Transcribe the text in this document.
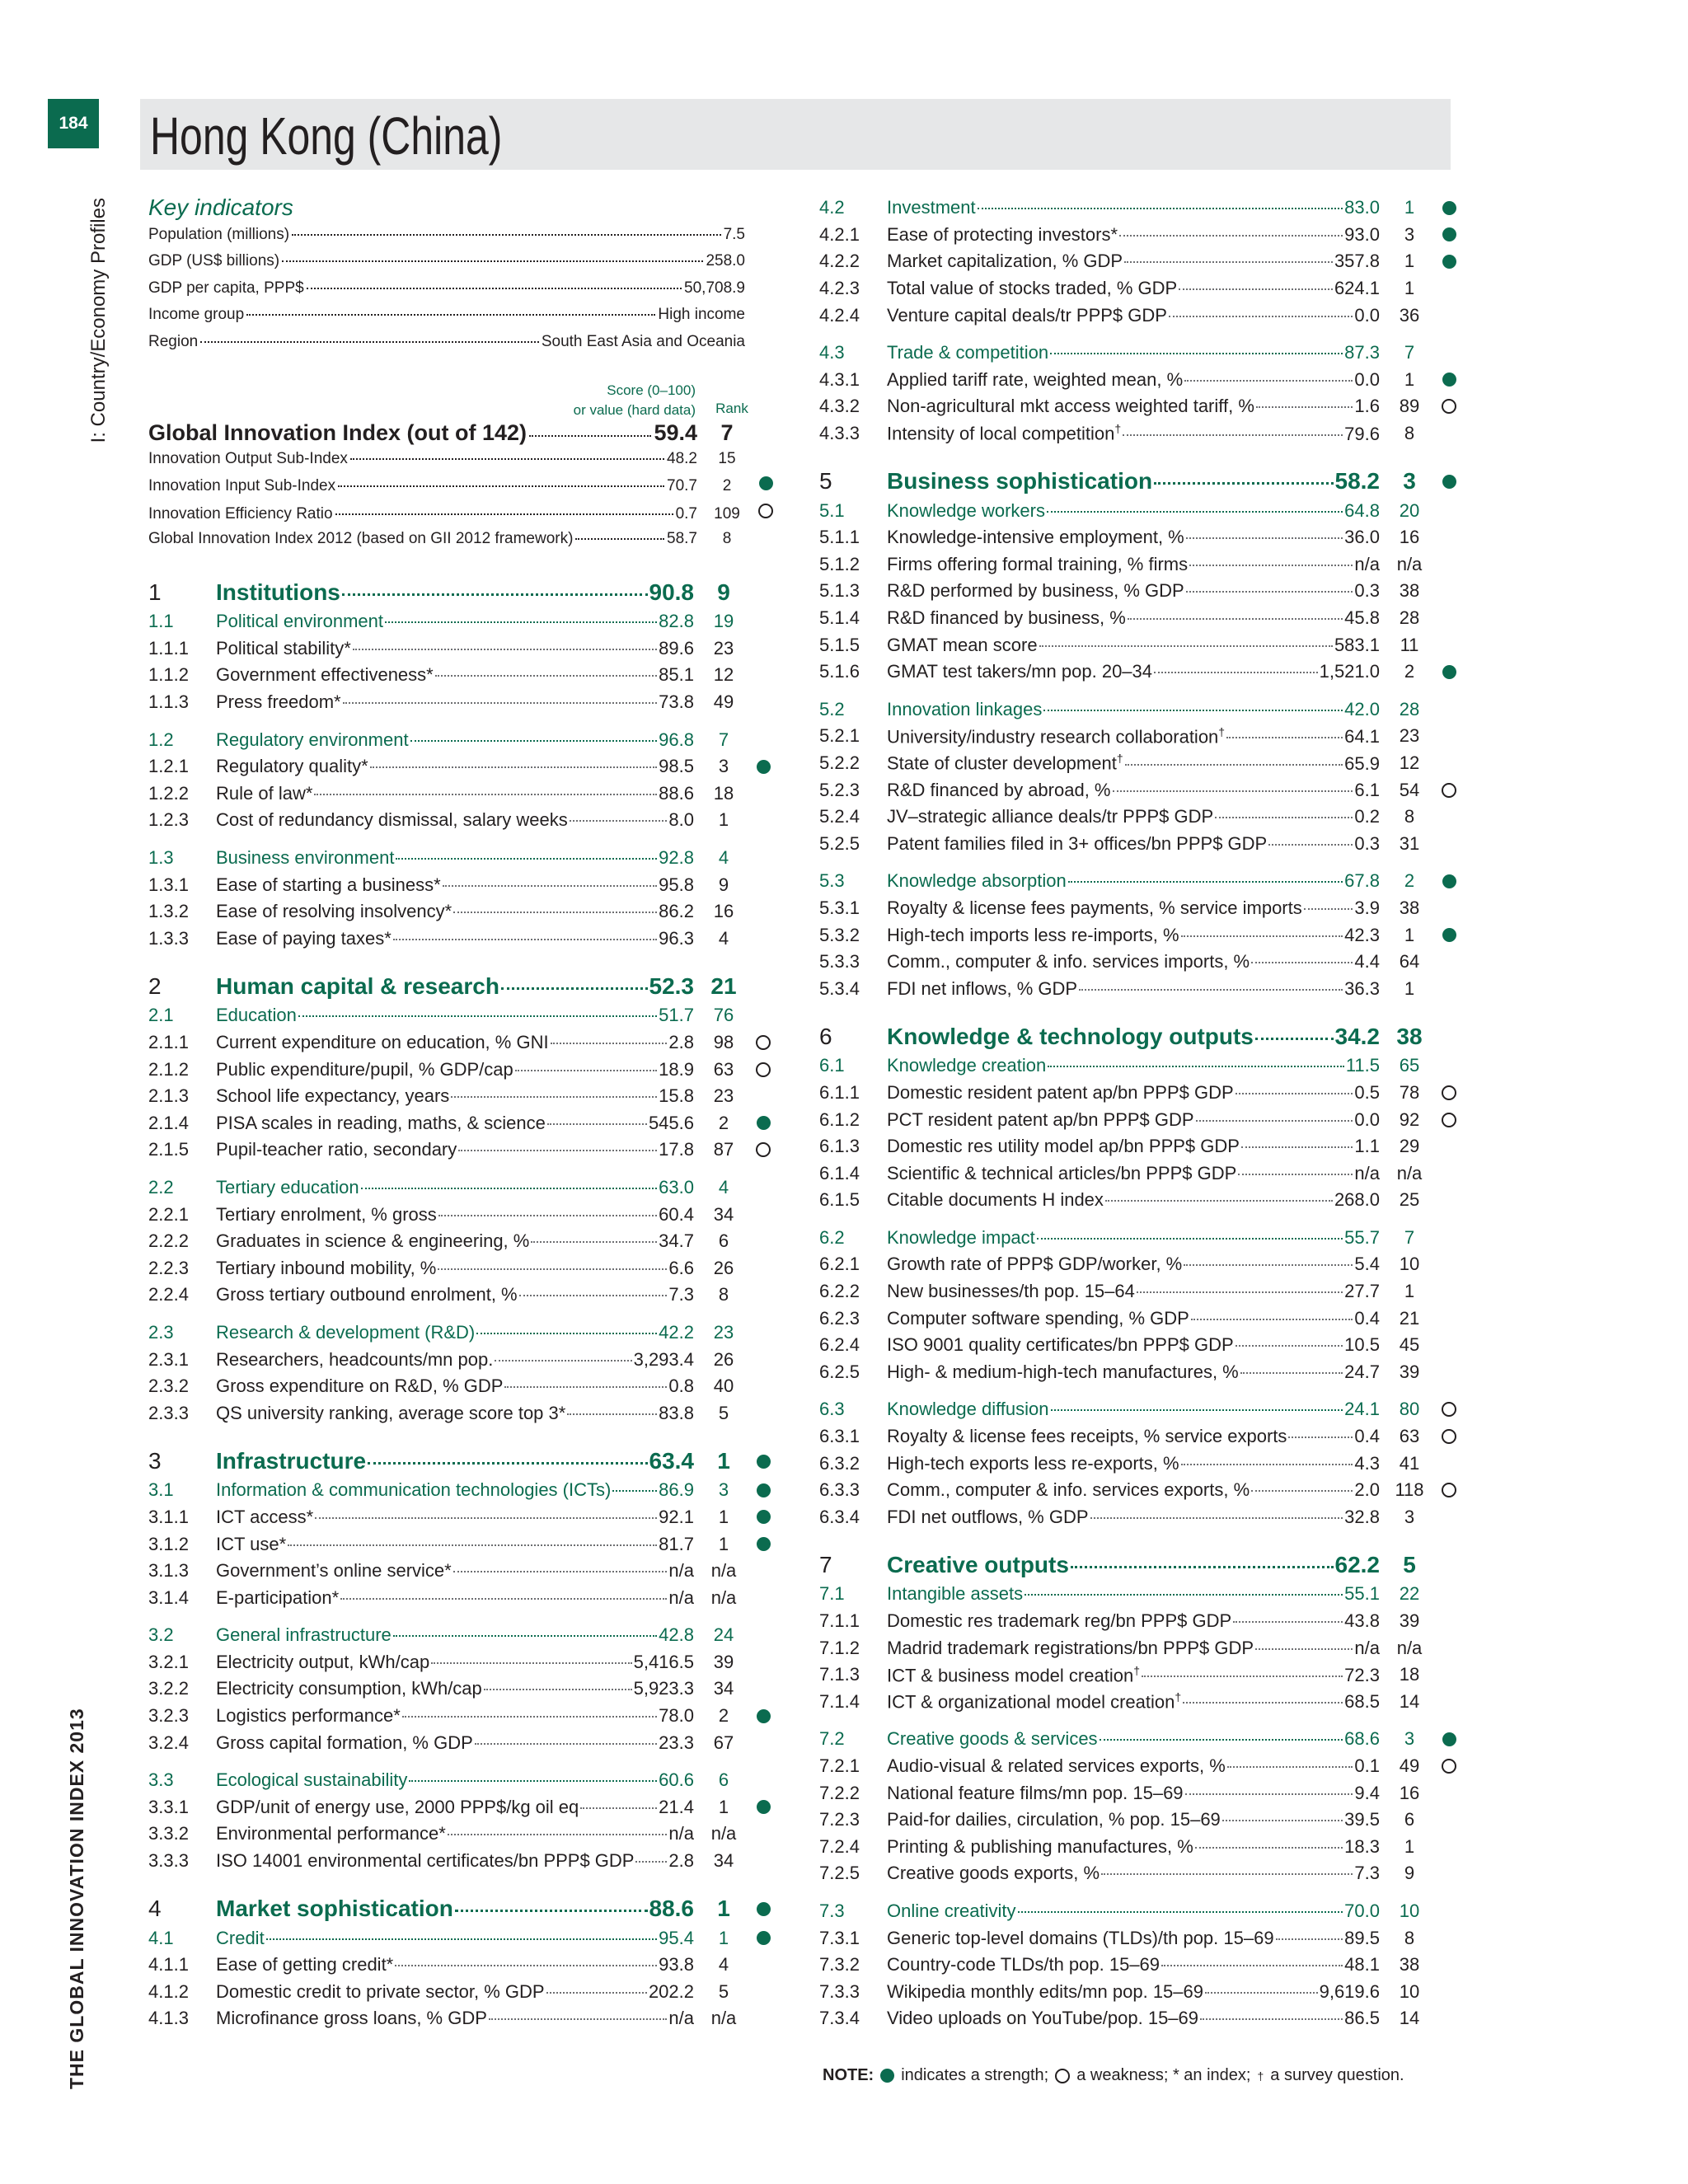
184 Hong Kong (China)
I: Country/Economy Profiles
THE GLOBAL INNOVATION INDEX 2013
Key indicators
Population (millions)	7.5
GDP (US$ billions)	258.0
GDP per capita, PPP$	50,708.9
Income group	High income
Region	South East Asia and Oceania
Score (0–100)
or value (hard data)	Rank
Global Innovation Index (out of 142)	59.4	7
Innovation Output Sub-Index	48.2	15
Innovation Input Sub-Index	70.7	2
Innovation Efficiency Ratio	0.7	109
Global Innovation Index 2012 (based on GII 2012 framework)	58.7	8
1	Institutions	90.8	9
1.1	Political environment	82.8	19
1.1.1	Political stability*	89.6	23
1.1.2	Government effectiveness*	85.1	12
1.1.3	Press freedom*	73.8	49
1.2	Regulatory environment	96.8	7
1.2.1	Regulatory quality*	98.5	3
1.2.2	Rule of law*	88.6	18
1.2.3	Cost of redundancy dismissal, salary weeks	8.0	1
1.3	Business environment	92.8	4
1.3.1	Ease of starting a business*	95.8	9
1.3.2	Ease of resolving insolvency*	86.2	16
1.3.3	Ease of paying taxes*	96.3	4
2	Human capital & research	52.3 21
2.1	Education	51.7	76
2.1.1	Current expenditure on education, % GNI	2.8	98
2.1.2	Public expenditure/pupil, % GDP/cap	18.9	63
2.1.3	School life expectancy, years	15.8	23
2.1.4	PISA scales in reading, maths, & science	545.6	2
2.1.5	Pupil-teacher ratio, secondary	17.8	87
2.2	Tertiary education	63.0	4
2.2.1	Tertiary enrolment, % gross	60.4	34
2.2.2	Graduates in science & engineering, %	34.7	6
2.2.3	Tertiary inbound mobility, %	6.6	26
2.2.4	Gross tertiary outbound enrolment, %	7.3	8
2.3	Research & development (R&D)	42.2	23
2.3.1	Researchers, headcounts/mn pop.	3,293.4	26
2.3.2	Gross expenditure on R&D, % GDP	0.8	40
2.3.3	QS university ranking, average score top 3*	83.8	5
3	Infrastructure	63.4	1
3.1	Information & communication technologies (ICTs)	86.9	3
3.1.1	ICT access*	92.1	1
3.1.2	ICT use*	81.7	1
3.1.3	Government’s online service*	n/a n/a
3.1.4	E-participation*	n/a n/a
3.2	General infrastructure	42.8	24
3.2.1	Electricity output, kWh/cap	5,416.5	39
3.2.2	Electricity consumption, kWh/cap	5,923.3	34
3.2.3	Logistics performance*	78.0	2
3.2.4	Gross capital formation, % GDP	23.3	67
3.3	Ecological sustainability	60.6	6
3.3.1	GDP/unit of energy use, 2000 PPP$/kg oil eq	21.4	1
3.3.2	Environmental performance*	n/a n/a
3.3.3	ISO 14001 environmental certificates/bn PPP$ GDP 2.8	34
4	Market sophistication	88.6	1
4.1	Credit	95.4	1
4.1.1	Ease of getting credit*	93.8	4
4.1.2	Domestic credit to private sector, % GDP	202.2	5
4.1.3	Microfinance gross loans, % GDP	n/a n/a
4.2	Investment	83.0	1
4.2.1	Ease of protecting investors*	93.0	3
4.2.2	Market capitalization, % GDP	357.8	1
4.2.3	Total value of stocks traded, % GDP	624.1	1
4.2.4	Venture capital deals/tr PPP$ GDP	0.0	36
4.3	Trade & competition	87.3	7
4.3.1	Applied tariff rate, weighted mean, %	0.0	1
4.3.2	Non-agricultural mkt access weighted tariff, %	1.6	89
4.3.3	Intensity of local competition†	79.6	8
5	Business sophistication	58.2	3
5.1	Knowledge workers	64.8	20
5.1.1	Knowledge-intensive employment, %	36.0	16
5.1.2	Firms offering formal training, % firms	n/a n/a
5.1.3	R&D performed by business, % GDP	0.3	38
5.1.4	R&D financed by business, %	45.8	28
5.1.5	GMAT mean score	583.1	11
5.1.6	GMAT test takers/mn pop. 20–34	1,521.0	2
5.2	Innovation linkages	42.0	28
5.2.1	University/industry research collaboration†	64.1	23
5.2.2	State of cluster development†	65.9	12
5.2.3	R&D financed by abroad, %	6.1	54
5.2.4	JV–strategic alliance deals/tr PPP$ GDP	0.2	8
5.2.5	Patent families filed in 3+ offices/bn PPP$ GDP	0.3	31
5.3	Knowledge absorption	67.8	2
5.3.1	Royalty & license fees payments, % service imports	3.9	38
5.3.2	High-tech imports less re-imports, %	42.3	1
5.3.3	Comm., computer & info. services imports, %	4.4	64
5.3.4	FDI net inflows, % GDP	36.3	1
6	Knowledge & technology outputs	34.2 38
6.1	Knowledge creation	11.5	65
6.1.1	Domestic resident patent ap/bn PPP$ GDP	0.5	78
6.1.2	PCT resident patent ap/bn PPP$ GDP	0.0	92
6.1.3	Domestic res utility model ap/bn PPP$ GDP	1.1	29
6.1.4	Scientific & technical articles/bn PPP$ GDP	n/a n/a
6.1.5	Citable documents H index	268.0	25
6.2	Knowledge impact	55.7	7
6.2.1	Growth rate of PPP$ GDP/worker, %	5.4	10
6.2.2	New businesses/th pop. 15–64	27.7	1
6.2.3	Computer software spending, % GDP	0.4	21
6.2.4	ISO 9001 quality certificates/bn PPP$ GDP	10.5	45
6.2.5	High- & medium-high-tech manufactures, %	24.7	39
6.3	Knowledge diffusion	24.1	80
6.3.1	Royalty & license fees receipts, % service exports	0.4	63
6.3.2	High-tech exports less re-exports, %	4.3	41
6.3.3	Comm., computer & info. services exports, %	2.0 118
6.3.4	FDI net outflows, % GDP	32.8	3
7	Creative outputs	62.2	5
7.1	Intangible assets	55.1	22
7.1.1	Domestic res trademark reg/bn PPP$ GDP	43.8	39
7.1.2	Madrid trademark registrations/bn PPP$ GDP	n/a n/a
7.1.3	ICT & business model creation†	72.3	18
7.1.4	ICT & organizational model creation†	68.5	14
7.2	Creative goods & services	68.6	3
7.2.1	Audio-visual & related services exports, %	0.1	49
7.2.2	National feature films/mn pop. 15–69	9.4	16
7.2.3	Paid-for dailies, circulation, % pop. 15–69	39.5	6
7.2.4	Printing & publishing manufactures, %	18.3	1
7.2.5	Creative goods exports, %	7.3	9
7.3	Online creativity	70.0	10
7.3.1	Generic top-level domains (TLDs)/th pop. 15–69	89.5	8
7.3.2	Country-code TLDs/th pop. 15–69	48.1	38
7.3.3	Wikipedia monthly edits/mn pop. 15–69	9,619.6	10
7.3.4	Video uploads on YouTube/pop. 15–69	86.5	14
NOTE: indicates a strength; a weakness; * an index; † a survey question.
